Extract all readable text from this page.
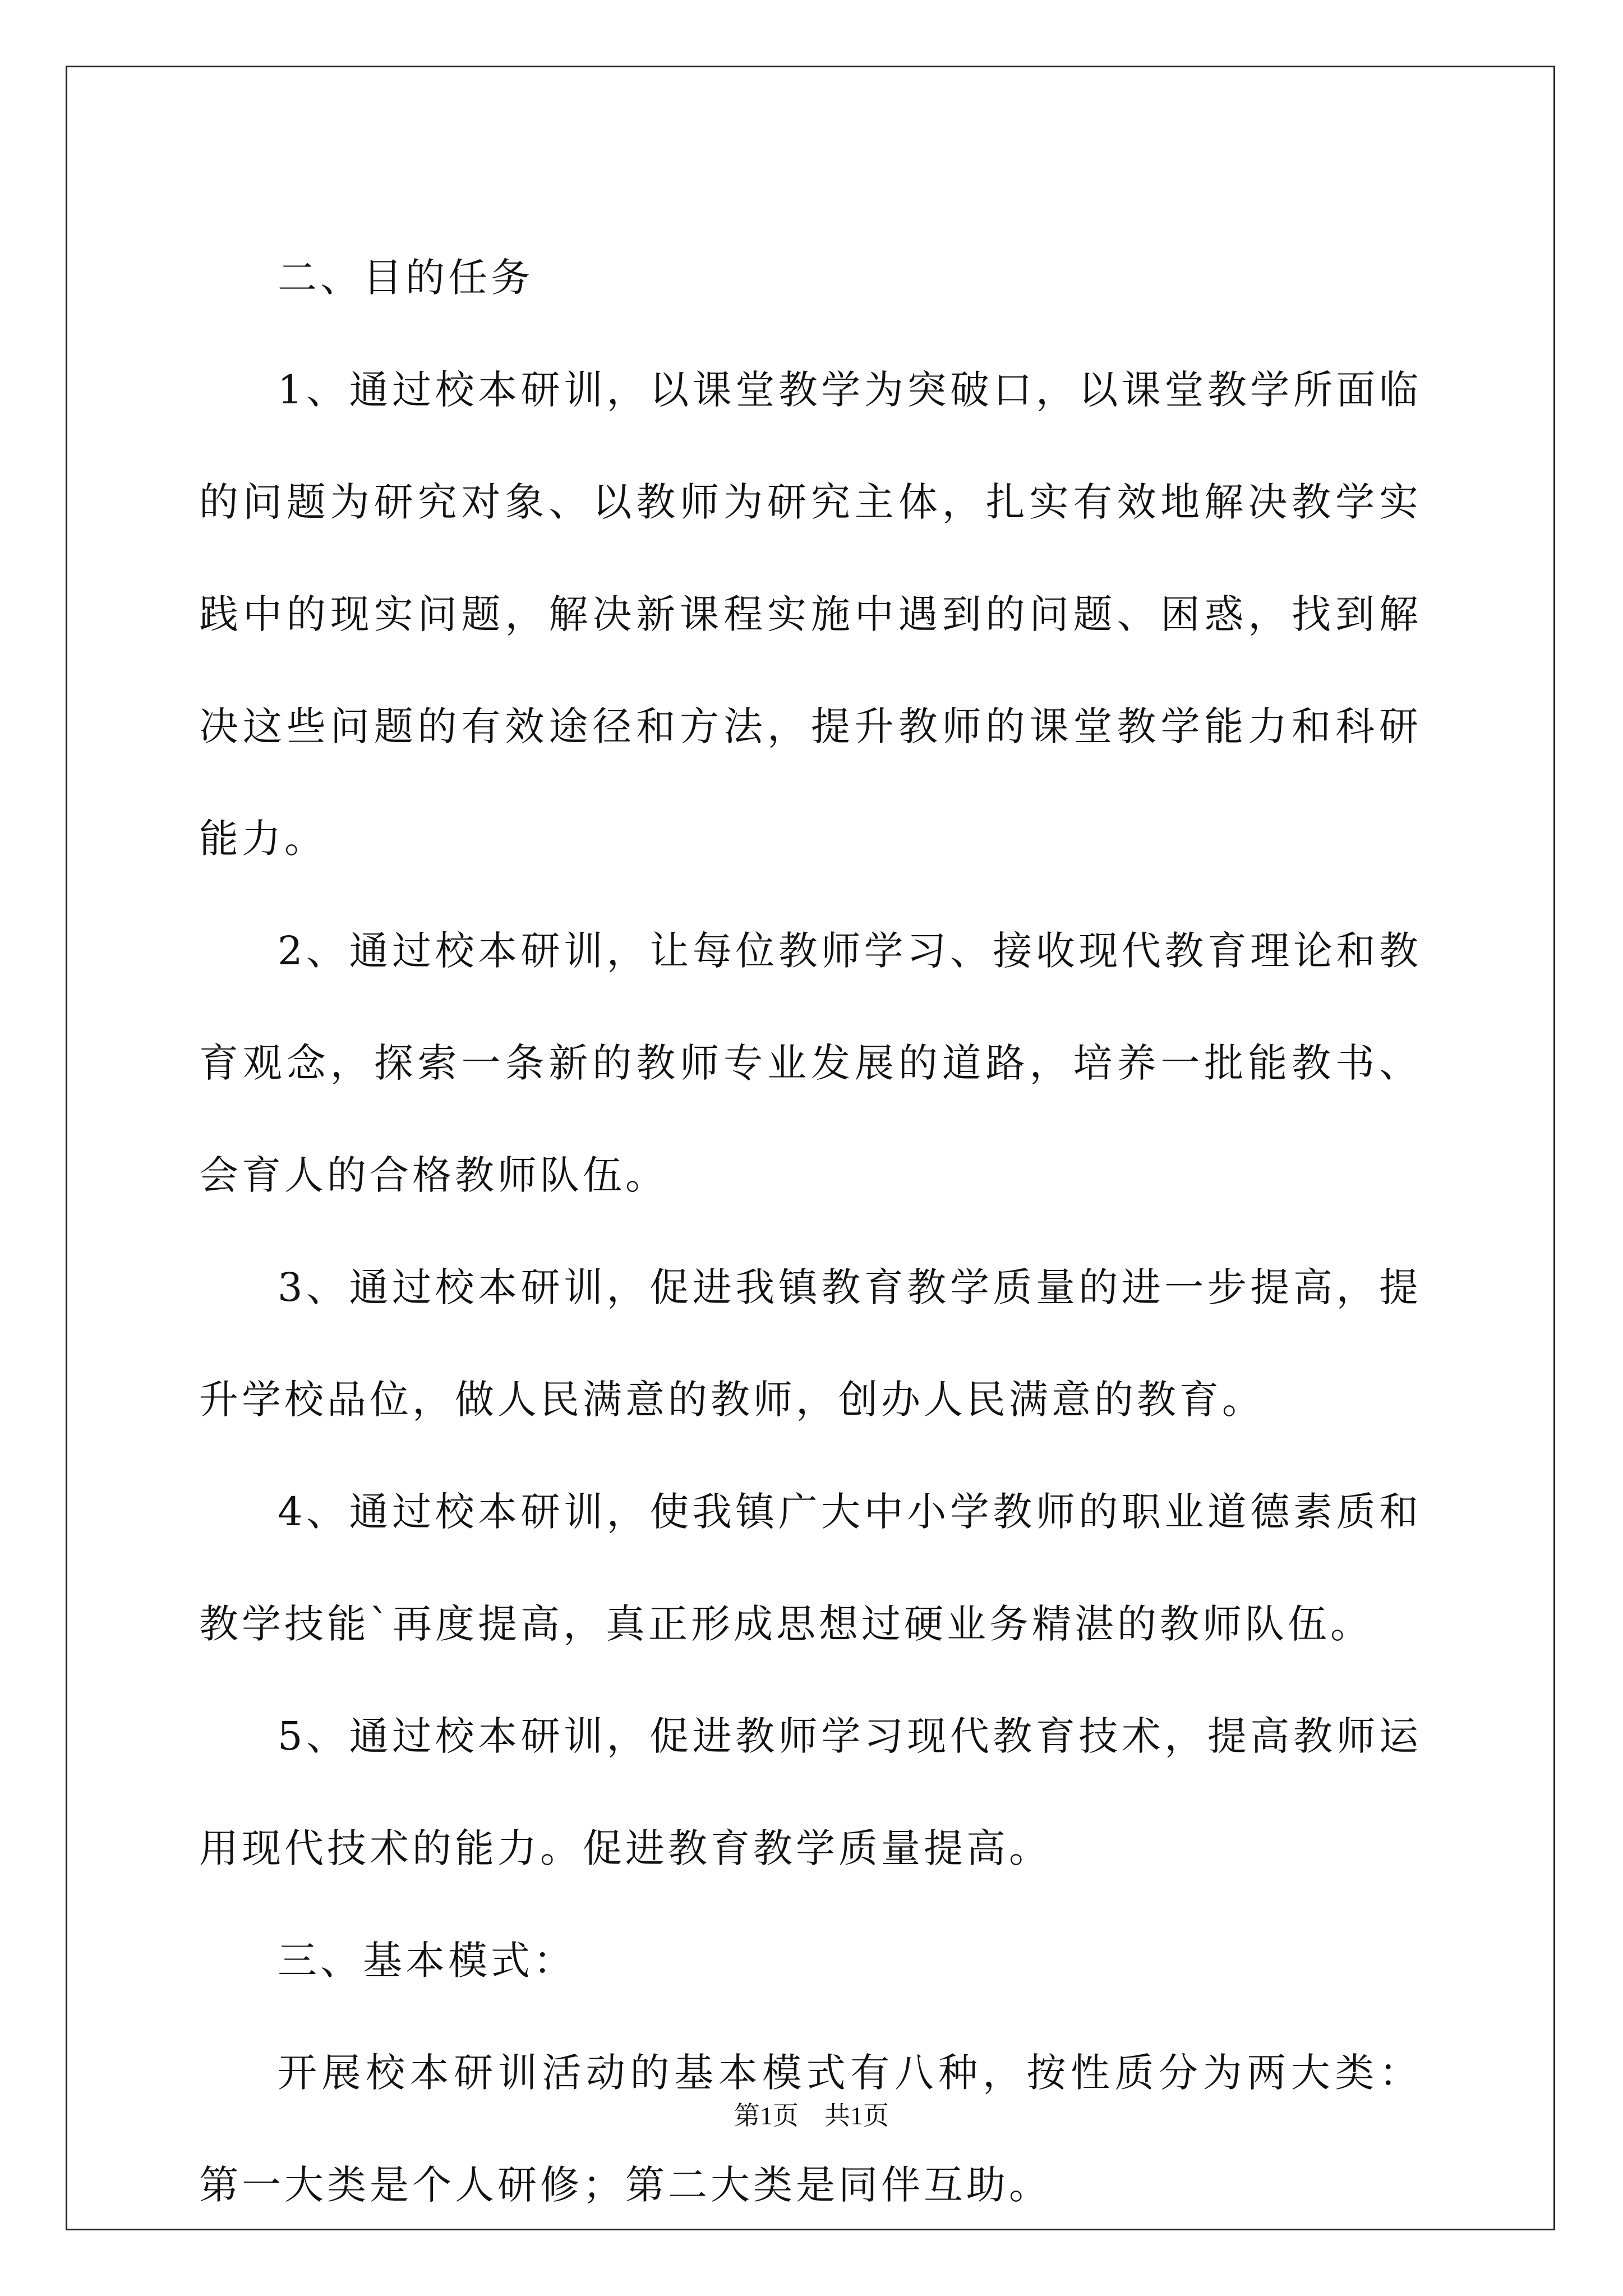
二、目的任务

1、通过校本研训，以课堂教学为突破口，以课堂教学所面临的问题为研究对象、以教师为研究主体，扎实有效地解决教学实践中的现实问题，解决新课程实施中遇到的问题、困惑，找到解决这些问题的有效途径和方法，提升教师的课堂教学能力和科研能力。

2、通过校本研训，让每位教师学习、接收现代教育理论和教育观念，探索一条新的教师专业发展的道路，培养一批能教书、会育人的合格教师队伍。

3、通过校本研训，促进我镇教育教学质量的进一步提高，提升学校品位，做人民满意的教师，创办人民满意的教育。

4、通过校本研训，使我镇广大中小学教师的职业道德素质和教学技能`再度提高，真正形成思想过硬业务精湛的教师队伍。

5、通过校本研训，促进教师学习现代教育技术，提高教师运用现代技术的能力。促进教育教学质量提高。

三、基本模式：

开展校本研训活动的基本模式有八种，按性质分为两大类：第一大类是个人研修；第二大类是同伴互助。

第1页　共1页
